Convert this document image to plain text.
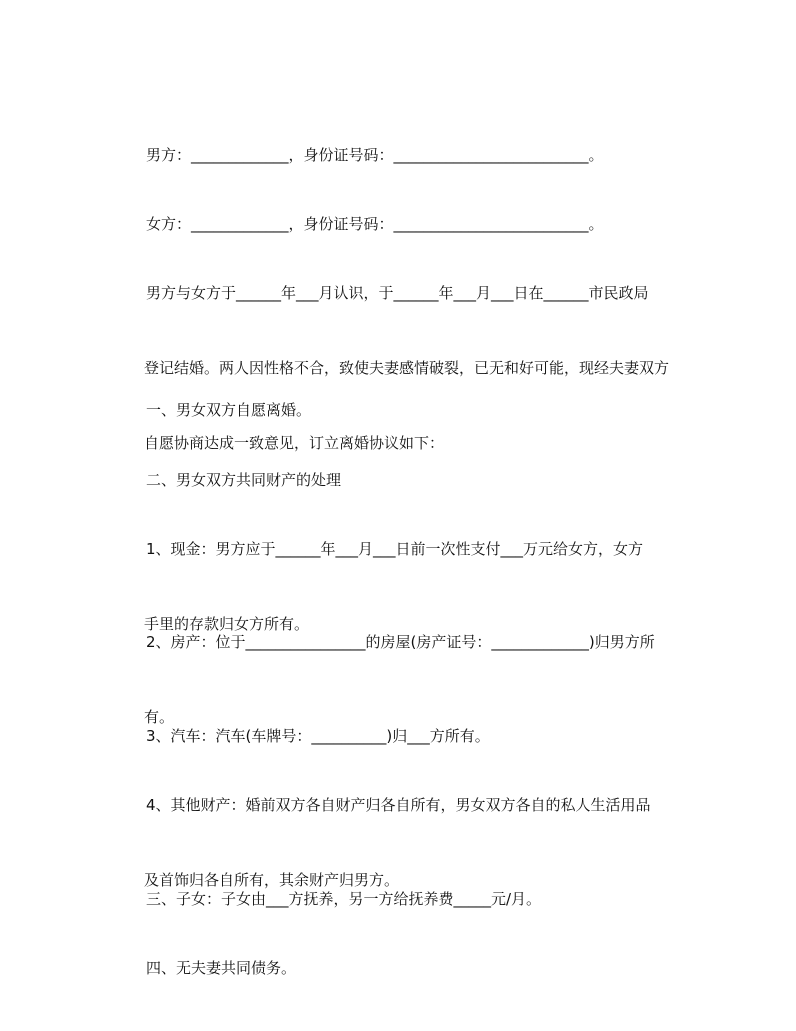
男方：_____________，身份证号码：__________________________。

女方：_____________，身份证号码：__________________________。

男方与女方于______年___月认识，于______年___月___日在______市民政局

登记结婚。两人因性格不合，致使夫妻感情破裂，已无和好可能，现经夫妻双方

自愿协商达成一致意见，订立离婚协议如下：

一、男女双方自愿离婚。

二、男女双方共同财产的处理

1、现金：男方应于______年___月___日前一次性支付___万元给女方，女方

手里的存款归女方所有。

2、房产：位于________________的房屋(房产证号：_____________)归男方所

有。

3、汽车：汽车(车牌号：__________)归___方所有。

4、其他财产：婚前双方各自财产归各自所有，男女双方各自的私人生活用品

及首饰归各自所有，其余财产归男方。

三、子女：子女由___方抚养，另一方给抚养费_____元/月。

四、无夫妻共同债务。
